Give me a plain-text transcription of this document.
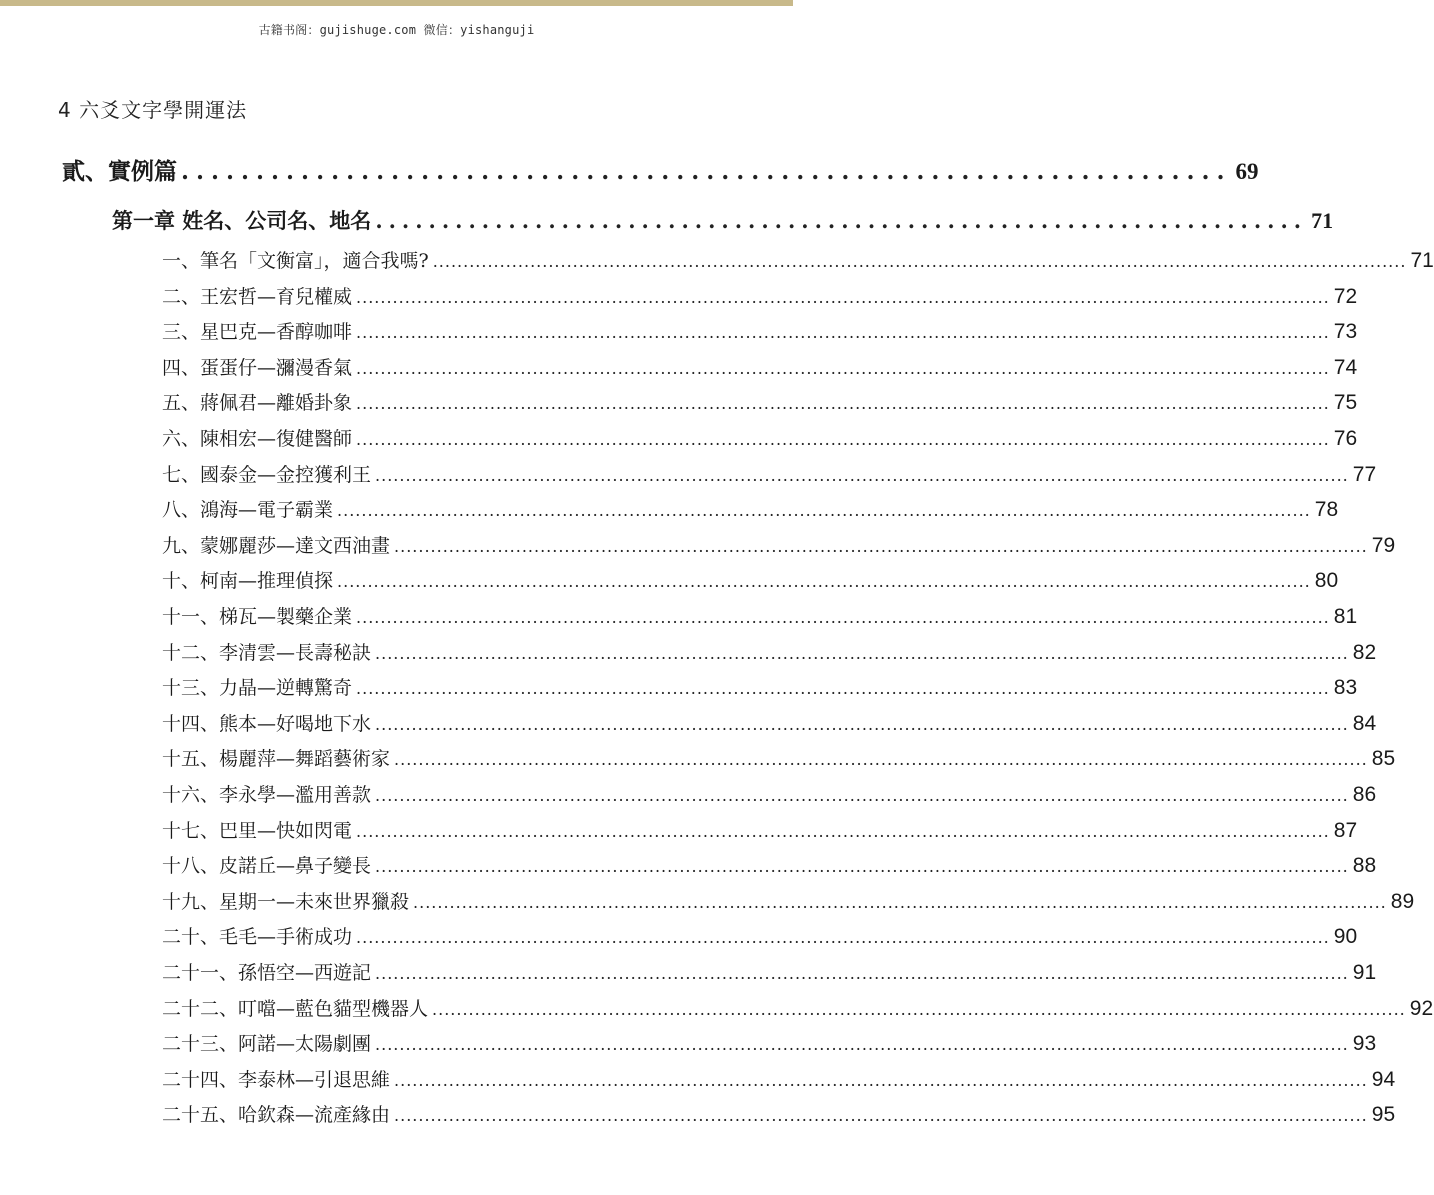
古籍书阁：gujishuge.com 微信：yishanguji
4 六爻文字學開運法
貳、實例篇 ...................................................................... 69
第一章 姓名、公司名、地名 ...................................................................... 71
一、筆名「文衡富」，適合我嗎? ................................................................................................................................................................ 71
二、王宏哲—育兒權威 ................................................................................................................................................................ 72
三、星巴克—香醇咖啡 ................................................................................................................................................................ 73
四、蛋蛋仔—瀰漫香氣 ................................................................................................................................................................ 74
五、蔣佩君—離婚卦象 ................................................................................................................................................................ 75
六、陳相宏—復健醫師 ................................................................................................................................................................ 76
七、國泰金—金控獲利王 ................................................................................................................................................................ 77
八、鴻海—電子霸業 ................................................................................................................................................................ 78
九、蒙娜麗莎—達文西油畫 ................................................................................................................................................................ 79
十、柯南—推理偵探 ................................................................................................................................................................ 80
十一、梯瓦—製藥企業 ................................................................................................................................................................ 81
十二、李清雲—長壽秘訣 ................................................................................................................................................................ 82
十三、力晶—逆轉驚奇 ................................................................................................................................................................ 83
十四、熊本—好喝地下水 ................................................................................................................................................................ 84
十五、楊麗萍—舞蹈藝術家 ................................................................................................................................................................ 85
十六、李永學—濫用善款 ................................................................................................................................................................ 86
十七、巴里—快如閃電 ................................................................................................................................................................ 87
十八、皮諾丘—鼻子變長 ................................................................................................................................................................ 88
十九、星期一—未來世界獵殺 ................................................................................................................................................................ 89
二十、毛毛—手術成功 ................................................................................................................................................................ 90
二十一、孫悟空—西遊記 ................................................................................................................................................................ 91
二十二、叮噹—藍色貓型機器人 ................................................................................................................................................................ 92
二十三、阿諾—太陽劇團 ................................................................................................................................................................ 93
二十四、李泰林—引退思維 ................................................................................................................................................................ 94
二十五、哈欽森—流產緣由 ................................................................................................................................................................ 95
